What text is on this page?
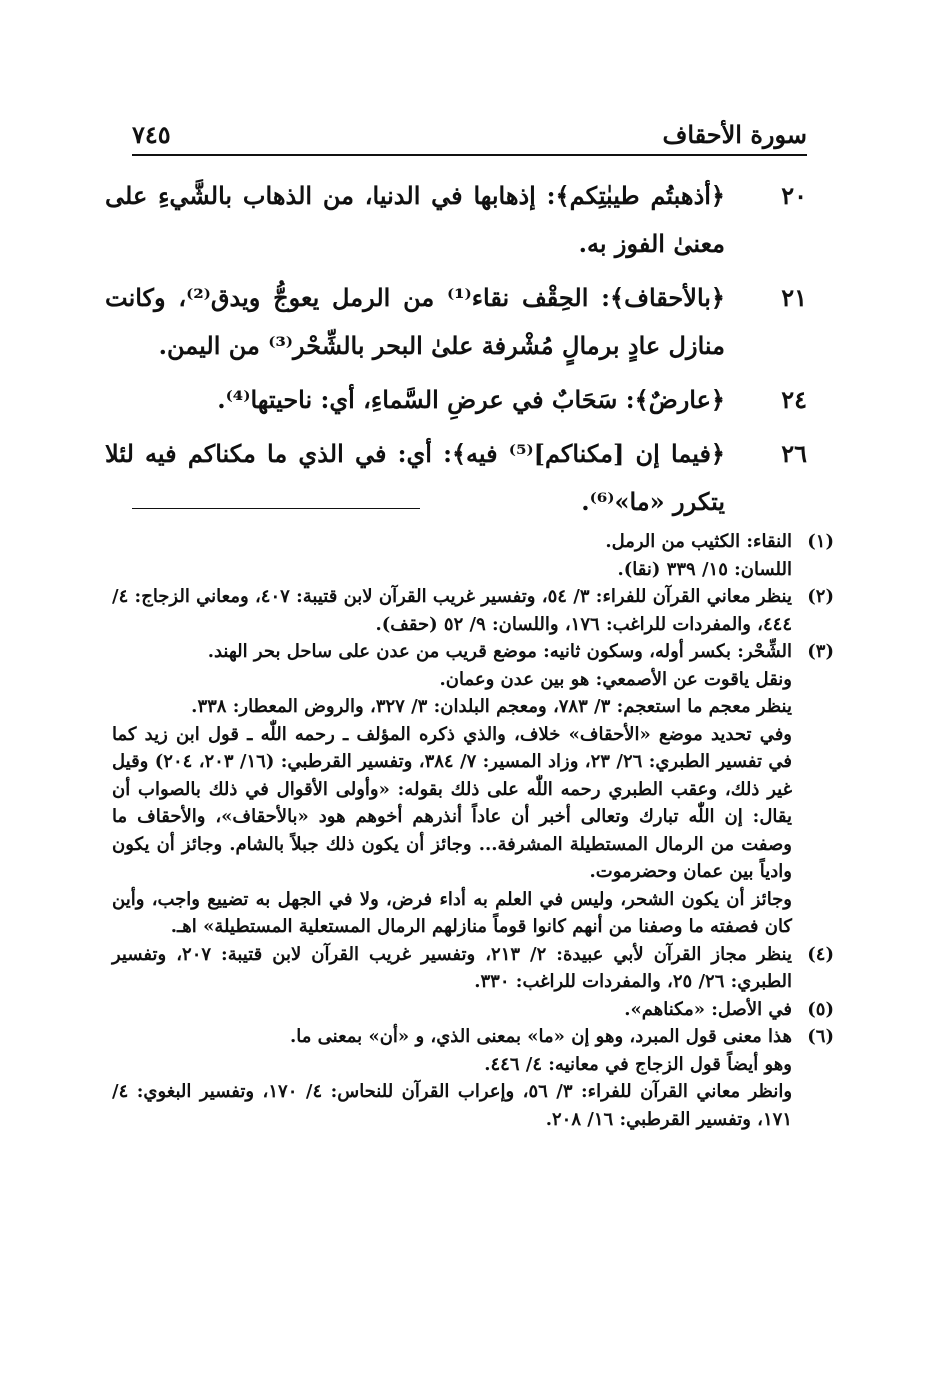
سورة الأحقاف
٧٤٥
٢٠
﴿أذهبتُم طيبٰتِكم﴾: إذهابها في الدنيا، من الذهاب بالشَّيءِ على معنىٰ الفوز به.
٢١
﴿بالأحقاف﴾: الحِقْف نقاء⁽¹⁾ من الرمل يعوجُّ ويدق⁽²⁾، وكانت منازل عادٍ برمالٍ مُشْرفة علىٰ البحر بالشِّحْر⁽³⁾ من اليمن.
٢٤
﴿عارضٌ﴾: سَحَابٌ في عرضِ السَّماءِ، أي: ناحيتها⁽⁴⁾.
٢٦
﴿فيما إن [مكناكم]⁽⁵⁾ فيه﴾: أي: في الذي ما مكناكم فيه لئلا يتكرر «ما»⁽⁶⁾.
(١)

النقاء: الكثيب من الرمل.

اللسان: ١٥/ ٣٣٩ (نقا).

(٢)

ينظر معاني القرآن للفراء: ٣/ ٥٤، وتفسير غريب القرآن لابن قتيبة: ٤٠٧، ومعاني الزجاج: ٤/ ٤٤٤، والمفردات للراغب: ١٧٦، واللسان: ٩/ ٥٢ (حقف).

(٣)

الشِّحْر: بكسر أوله، وسكون ثانيه: موضع قريب من عدن على ساحل بحر الهند.

ونقل ياقوت عن الأصمعي: هو بين عدن وعمان.

ينظر معجم ما استعجم: ٣/ ٧٨٣، ومعجم البلدان: ٣/ ٣٢٧، والروض المعطار: ٣٣٨.

وفي تحديد موضع «الأحقاف» خلاف، والذي ذكره المؤلف ـ رحمه اللّٰه ـ قول ابن زيد كما في تفسير الطبري: ٢٦/ ٢٣، وزاد المسير: ٧/ ٣٨٤، وتفسير القرطبي: (١٦/ ٢٠٣، ٢٠٤) وقيل غير ذلك، وعقب الطبري رحمه اللّٰه على ذلك بقوله: «وأولى الأقوال في ذلك بالصواب أن يقال: إن اللّٰه تبارك وتعالى أخبر أن عاداً أنذرهم أخوهم هود «بالأحقاف»، والأحقاف ما وصفت من الرمال المستطيلة المشرفة... وجائز أن يكون ذلك جبلاً بالشام. وجائز أن يكون وادياً بين عمان وحضرموت.

وجائز أن يكون الشحر، وليس في العلم به أداء فرض، ولا في الجهل به تضييع واجب، وأين كان فصفته ما وصفنا من أنهم كانوا قوماً منازلهم الرمال المستعلية المستطيلة» اهـ.

(٤)

ينظر مجاز القرآن لأبي عبيدة: ٢/ ٢١٣، وتفسير غريب القرآن لابن قتيبة: ٢٠٧، وتفسير الطبري: ٢٦/ ٢٥، والمفردات للراغب: ٣٣٠.

(٥)

في الأصل: «مكناهم».

(٦)

هذا معنى قول المبرد، وهو إن «ما» بمعنى الذي، و «أن» بمعنى ما.

وهو أيضاً قول الزجاج في معانيه: ٤/ ٤٤٦.

وانظر معاني القرآن للفراء: ٣/ ٥٦، وإعراب القرآن للنحاس: ٤/ ١٧٠، وتفسير البغوي: ٤/ ١٧١، وتفسير القرطبي: ١٦/ ٢٠٨.
